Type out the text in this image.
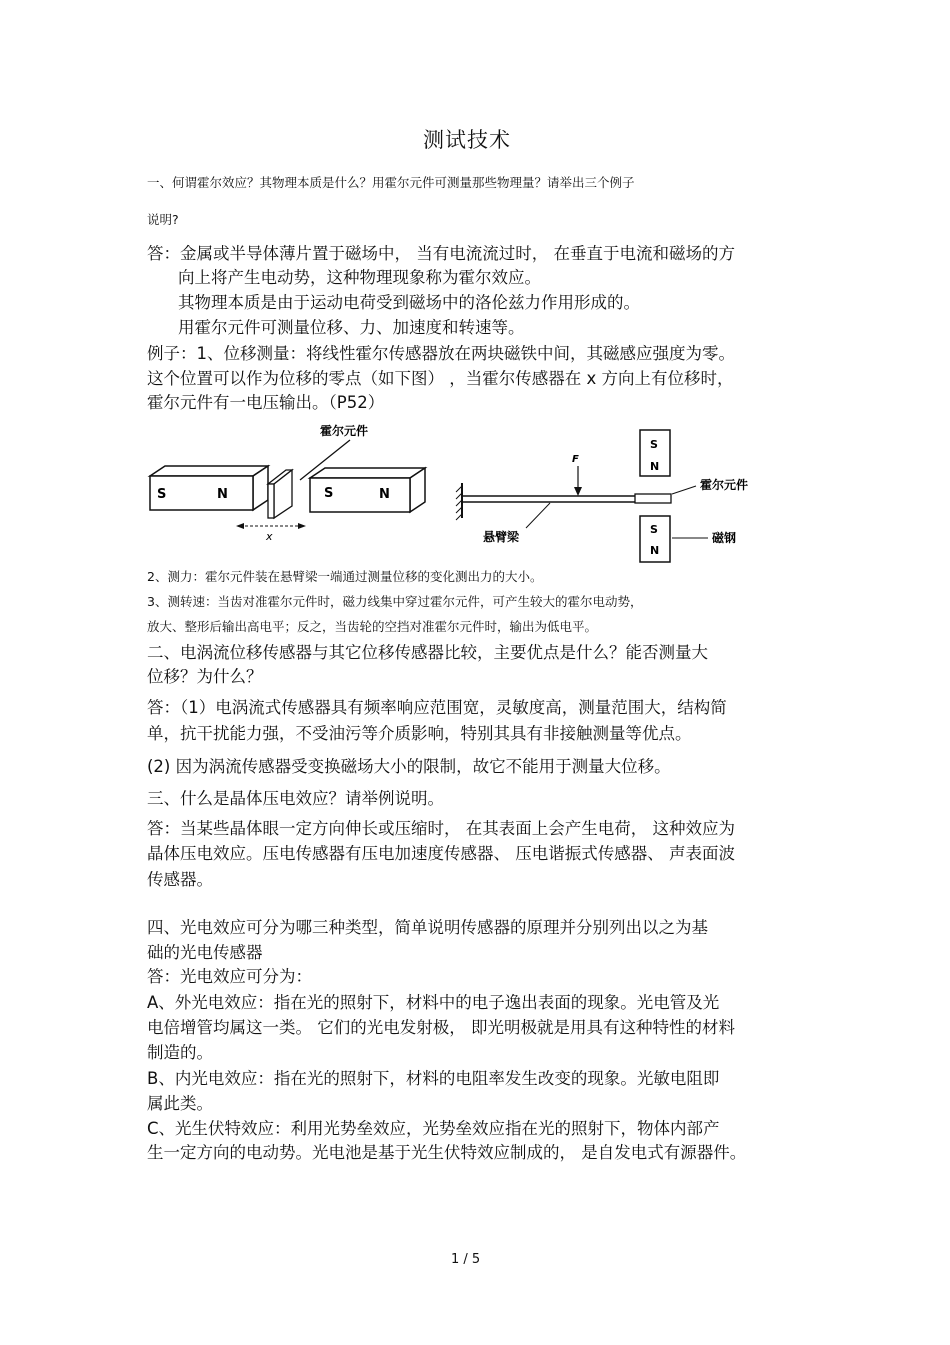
测试技术
一、何谓霍尔效应？其物理本质是什么？用霍尔元件可测量那些物理量？请举出三个例子
说明?
答：金属或半导体薄片置于磁场中， 当有电流流过时， 在垂直于电流和磁场的方
向上将产生电动势，这种物理现象称为霍尔效应。
其物理本质是由于运动电荷受到磁场中的洛伦兹力作用形成的。
用霍尔元件可测量位移、力、加速度和转速等。
例子：1、位移测量：将线性霍尔传感器放在两块磁铁中间，其磁感应强度为零。
这个位置可以作为位移的零点（如下图） ，当霍尔传感器在 x 方向上有位移时，
霍尔元件有一电压输出。（P52）
霍尔元件
S	N	S	N
x
F
悬臂梁
S
N
S
N
霍尔元件
磁钢
2、测力：霍尔元件装在悬臂梁一端通过测量位移的变化测出力的大小。
3、测转速：当齿对准霍尔元件时，磁力线集中穿过霍尔元件，可产生较大的霍尔电动势，
放大、整形后输出高电平；反之，当齿轮的空挡对准霍尔元件时，输出为低电平。
二、电涡流位移传感器与其它位移传感器比较，主要优点是什么？能否测量大
位移？为什么？
答：（1）电涡流式传感器具有频率响应范围宽，灵敏度高，测量范围大，结构简
单，抗干扰能力强，不受油污等介质影响，特别其具有非接触测量等优点。
(2) 因为涡流传感器受变换磁场大小的限制，故它不能用于测量大位移。
三、什么是晶体压电效应？请举例说明。
答：当某些晶体眼一定方向伸长或压缩时， 在其表面上会产生电荷， 这种效应为
晶体压电效应。压电传感器有压电加速度传感器、 压电谐振式传感器、 声表面波
传感器。
四、光电效应可分为哪三种类型，简单说明传感器的原理并分别列出以之为基
础的光电传感器
答：光电效应可分为：
A、外光电效应：指在光的照射下，材料中的电子逸出表面的现象。光电管及光
电倍增管均属这一类。 它们的光电发射极， 即光明极就是用具有这种特性的材料
制造的。
B、内光电效应：指在光的照射下，材料的电阻率发生改变的现象。光敏电阻即
属此类。
C、光生伏特效应：利用光势垒效应，光势垒效应指在光的照射下，物体内部产
生一定方向的电动势。光电池是基于光生伏特效应制成的， 是自发电式有源器件。
1 / 5
